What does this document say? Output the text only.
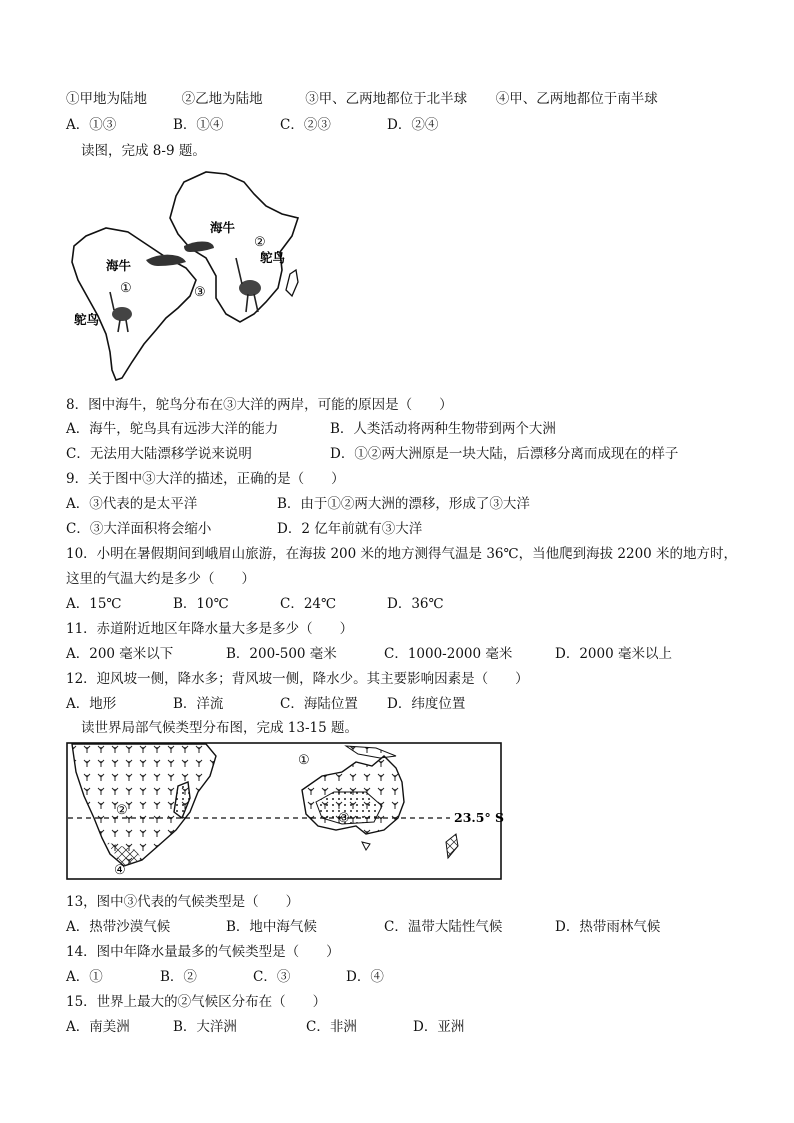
①甲地为陆地	②乙地为陆地	③甲、乙两地都位于北半球 ④甲、乙两地都位于南半球
A．①③	B．①④	C．②③	D．②④
读图，完成 8-9 题。
海牛
海牛
鸵鸟
鸵鸟
①
②
③
8．图中海牛，鸵鸟分布在③大洋的两岸，可能的原因是（　　）
A．海牛，鸵鸟具有远涉大洋的能力	B．人类活动将两种生物带到两个大洲
C．无法用大陆漂移学说来说明	D．①②两大洲原是一块大陆，后漂移分离而成现在的样子
9．关于图中③大洋的描述，正确的是（　　）
A．③代表的是太平洋	B．由于①②两大洲的漂移，形成了③大洋
C．③大洋面积将会缩小	D．2 亿年前就有③大洋
10．小明在暑假期间到峨眉山旅游，在海拔 200 米的地方测得气温是 36℃，当他爬到海拔 2200 米的地方时，
这里的气温大约是多少（　　）
A．15℃	B．10℃	C．24℃	D．36℃
11．赤道附近地区年降水量大多是多少（　　）
A．200 毫米以下	B．200-500 毫米	C．1000-2000 毫米	D．2000 毫米以上
12．迎风坡一侧，降水多；背风坡一侧，降水少。其主要影响因素是（　　）
A．地形	B．洋流	C．海陆位置 D．纬度位置
读世界局部气候类型分布图，完成 13-15 题。
23.5° S
①
②
③
④
13，图中③代表的气候类型是（　　）
A．热带沙漠气候	B．地中海气候	C．温带大陆性气候	D．热带雨林气候
14．图中年降水量最多的气候类型是（　　）
A．①	B．②	C．③	D．④
15．世界上最大的②气候区分布在（　　）
A．南美洲	B．大洋洲	C．非洲	D．亚洲
